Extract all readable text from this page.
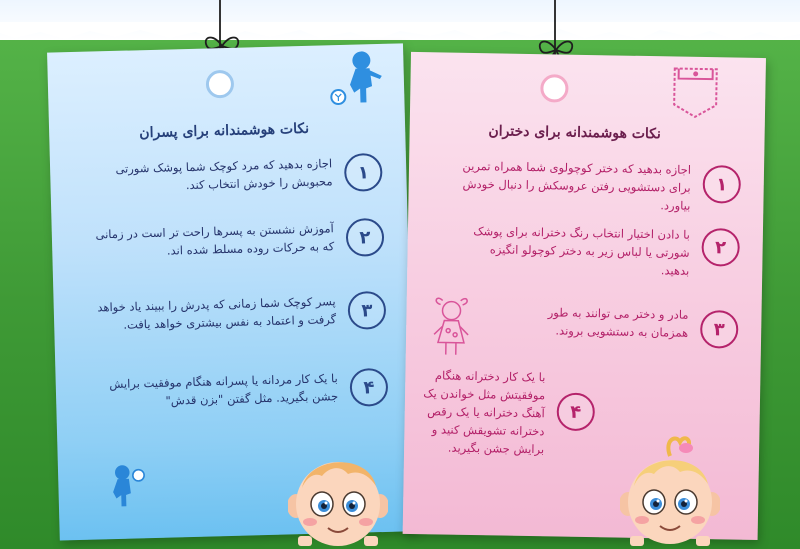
نکات هوشمندانه برای پسران
۱
اجازه بدهید که مرد کوچک شما پوشک شورتی محبوبش را خودش انتخاب کند.
۲
آموزش نشستن به پسرها راحت تر است در زمانی که به حرکات روده مسلط شده اند.
۳
پسر کوچک شما زمانی که پدرش را ببیند یاد خواهد گرفت و اعتماد به نفس بیشتری خواهد یافت.
۴
با یک کار مردانه یا پسرانه هنگام موفقیت برایش جشن بگیرید. مثل گفتن "بزن قدش"
نکات هوشمندانه برای دختران
۱
اجازه بدهید که دختر کوچولوی شما همراه تمرین برای دستشویی رفتن عروسکش را دنبال خودش بیاورد.
۲
با دادن اختیار انتخاب رنگ دخترانه برای پوشک شورتی یا لباس زیر به دختر کوچولو انگیزه بدهید.
۳
مادر و دختر می توانند به طور همزمان به دستشویی بروند.
۴
با یک کار دخترانه هنگام موفقیتش مثل خواندن یک آهنگ دخترانه یا یک رقص دخترانه تشویقش کنید و برایش جشن بگیرید.
